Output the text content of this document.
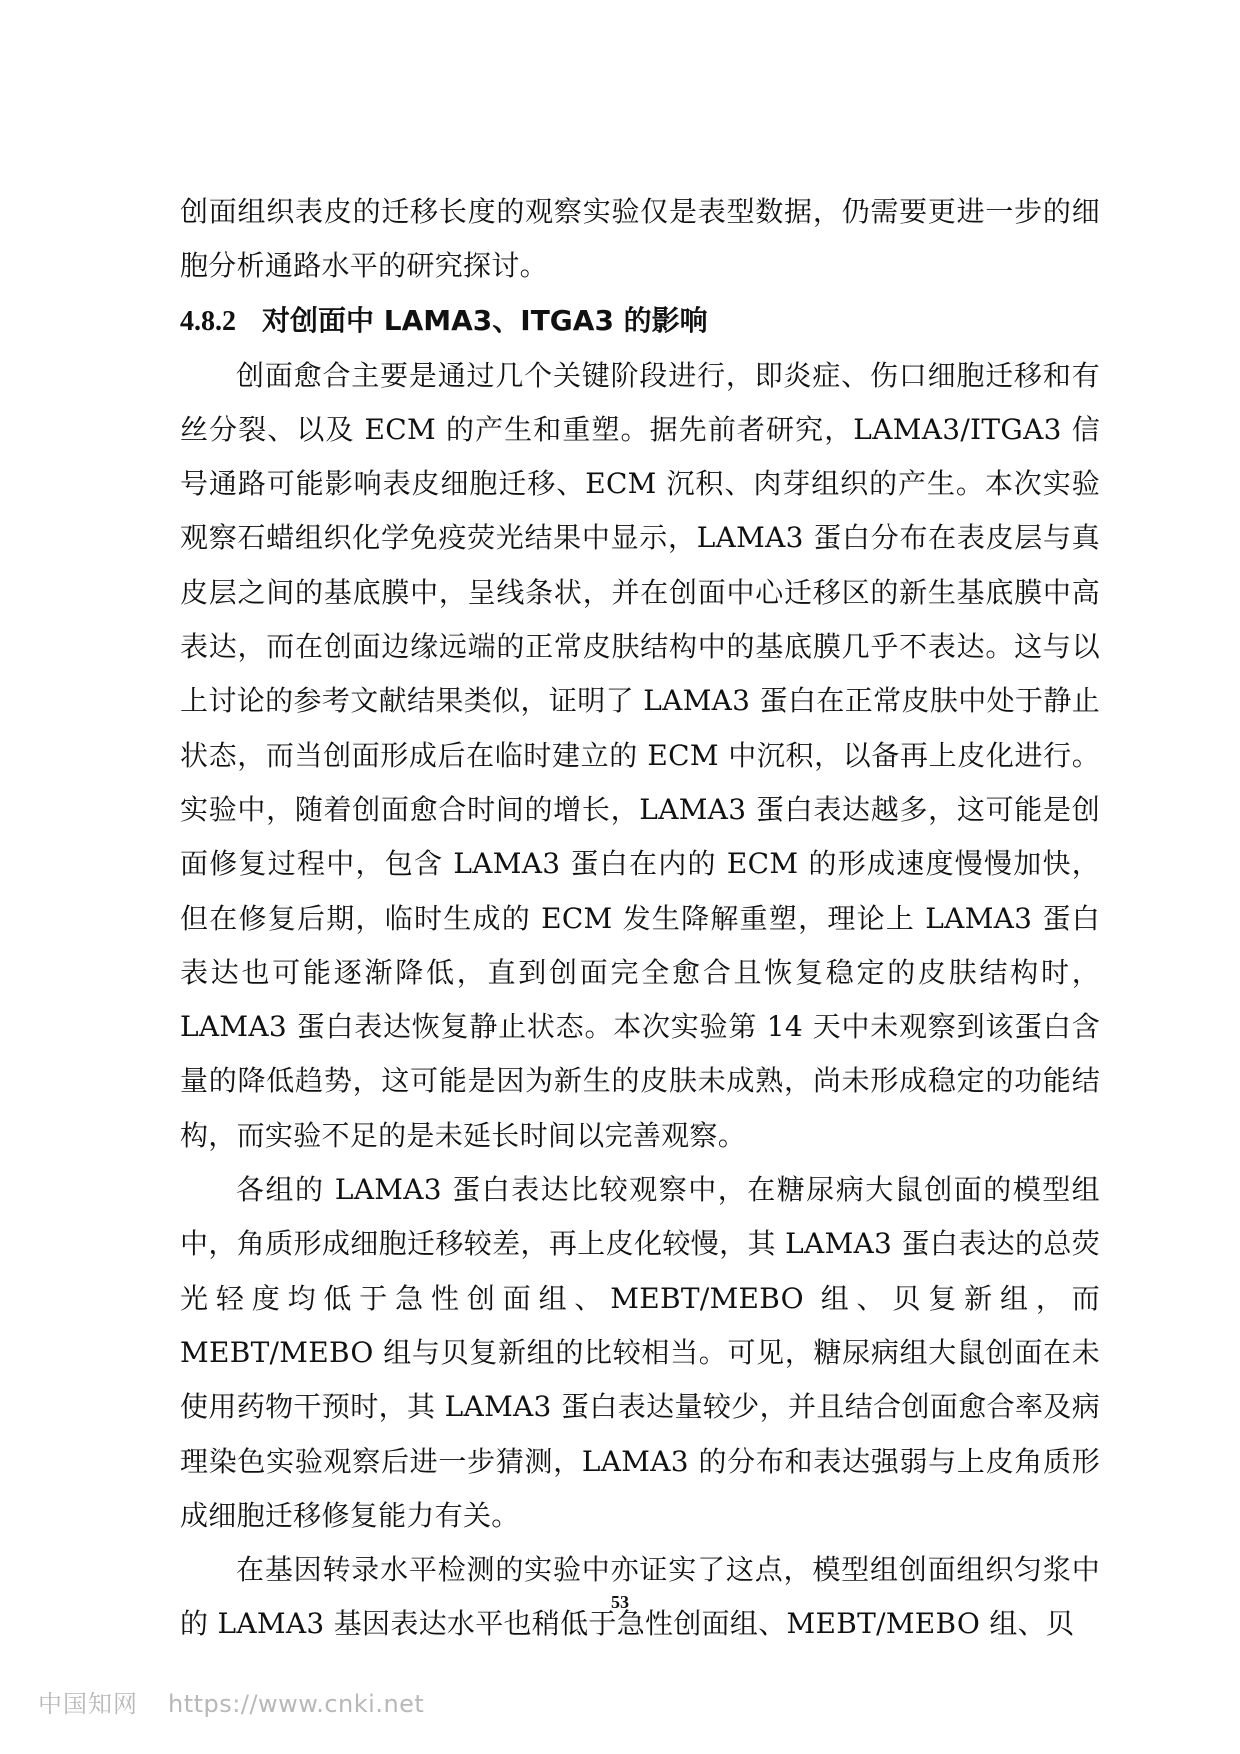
创面组织表皮的迁移长度的观察实验仅是表型数据，仍需要更进一步的细胞分析通路水平的研究探讨。

4.8.2 对创面中 LAMA3、ITGA3 的影响

创面愈合主要是通过几个关键阶段进行，即炎症、伤口细胞迁移和有丝分裂、以及 ECM 的产生和重塑。据先前者研究，LAMA3/ITGA3 信号通路可能影响表皮细胞迁移、ECM 沉积、肉芽组织的产生。本次实验观察石蜡组织化学免疫荧光结果中显示，LAMA3 蛋白分布在表皮层与真皮层之间的基底膜中，呈线条状，并在创面中心迁移区的新生基底膜中高表达，而在创面边缘远端的正常皮肤结构中的基底膜几乎不表达。这与以上讨论的参考文献结果类似，证明了 LAMA3 蛋白在正常皮肤中处于静止状态，而当创面形成后在临时建立的 ECM 中沉积，以备再上皮化进行。实验中，随着创面愈合时间的增长，LAMA3 蛋白表达越多，这可能是创面修复过程中，包含 LAMA3 蛋白在内的 ECM 的形成速度慢慢加快，但在修复后期，临时生成的 ECM 发生降解重塑，理论上 LAMA3 蛋白表达也可能逐渐降低，直到创面完全愈合且恢复稳定的皮肤结构时，LAMA3 蛋白表达恢复静止状态。本次实验第 14 天中未观察到该蛋白含量的降低趋势，这可能是因为新生的皮肤未成熟，尚未形成稳定的功能结构，而实验不足的是未延长时间以完善观察。

各组的 LAMA3 蛋白表达比较观察中，在糖尿病大鼠创面的模型组中，角质形成细胞迁移较差，再上皮化较慢，其 LAMA3 蛋白表达的总荧光轻度均低于急性创面组、MEBT/MEBO 组、贝复新组，而 MEBT/MEBO 组与贝复新组的比较相当。可见，糖尿病组大鼠创面在未使用药物干预时，其 LAMA3 蛋白表达量较少，并且结合创面愈合率及病理染色实验观察后进一步猜测，LAMA3 的分布和表达强弱与上皮角质形成细胞迁移修复能力有关。

在基因转录水平检测的实验中亦证实了这点，模型组创面组织匀浆中的 LAMA3 基因表达水平也稍低于急性创面组、MEBT/MEBO 组、贝

53
中国知网 https://www.cnki.net
